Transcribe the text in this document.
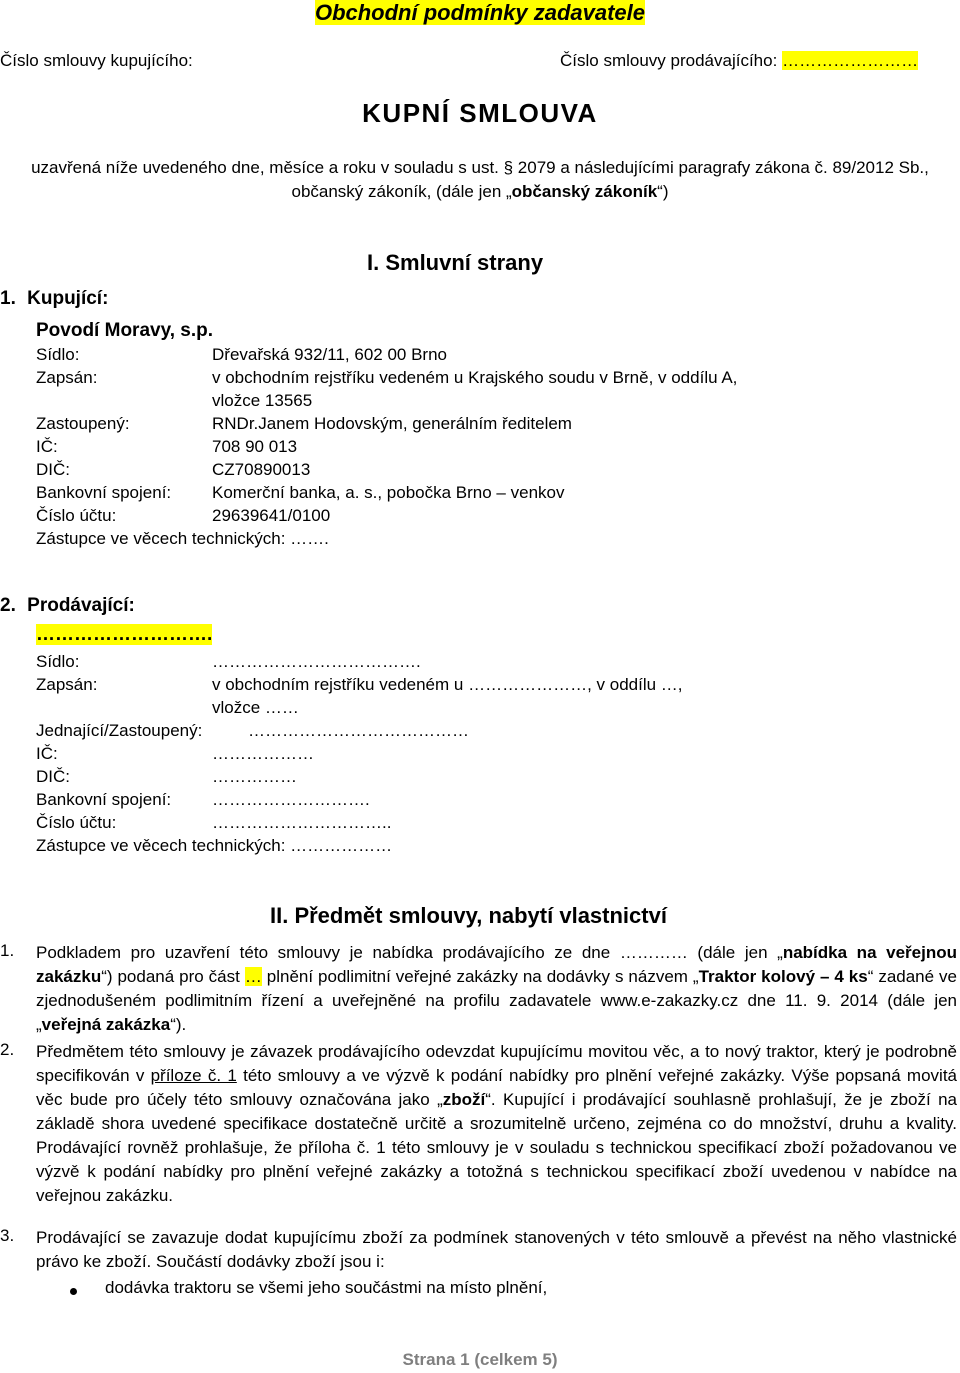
Obchodní podmínky zadavatele
Číslo smlouvy kupujícího:	Číslo smlouvy prodávajícího: ……………………
KUPNÍ SMLOUVA
uzavřená níže uvedeného dne, měsíce a roku v souladu s ust. § 2079 a následujícími paragrafy zákona č. 89/2012 Sb., občanský zákoník, (dále jen „občanský zákoník“)
I. Smluvní strany
1. Kupující:
Povodí Moravy, s.p.
Sídlo:	Dřevařská 932/11, 602 00 Brno
Zapsán:	v obchodním rejstříku vedeném u Krajského soudu v Brně, v oddílu A,
vložce 13565
Zastoupený:	RNDr.Janem Hodovským, generálním ředitelem
IČ:	708 90 013
DIČ:	CZ70890013
Bankovní spojení: Komerční banka, a. s., pobočka Brno – venkov
Číslo účtu:	29639641/0100
Zástupce ve věcech technických: …….
2. Prodávající:
……………………….
Sídlo:	……………………………….
Zapsán:	v obchodním rejstříku vedeném u …………………, v oddílu …,
vložce ……
Jednající/Zastoupený:	…………………………………
IČ:	………………
DIČ:	……………
Bankovní spojení: ……………………….
Číslo účtu:	…………………………..
Zástupce ve věcech technických: ………………
II. Předmět smlouvy, nabytí vlastnictví
1. Podkladem pro uzavření této smlouvy je nabídka prodávajícího ze dne ………… (dále jen „nabídka na veřejnou zakázku“) podaná pro část … plnění podlimitní veřejné zakázky na dodávky s názvem „Traktor kolový – 4 ks“ zadané ve zjednodušeném podlimitním řízení a uveřejněné na profilu zadavatele www.e-zakazky.cz dne 11. 9. 2014 (dále jen „veřejná zakázka“).
2. Předmětem této smlouvy je závazek prodávajícího odevzdat kupujícímu movitou věc, a to nový traktor, který je podrobně specifikován v příloze č. 1 této smlouvy a ve výzvě k podání nabídky pro plnění veřejné zakázky. Výše popsaná movitá věc bude pro účely této smlouvy označována jako „zboží“. Kupující i prodávající souhlasně prohlašují, že je zboží na základě shora uvedené specifikace dostatečně určitě a srozumitelně určeno, zejména co do množství, druhu a kvality. Prodávající rovněž prohlašuje, že příloha č. 1 této smlouvy je v souladu s technickou specifikací zboží požadovanou ve výzvě k podání nabídky pro plnění veřejné zakázky a totožná s technickou specifikací zboží uvedenou v nabídce na veřejnou zakázku.
3. Prodávající se zavazuje dodat kupujícímu zboží za podmínek stanovených v této smlouvě a převést na něho vlastnické právo ke zboží. Součástí dodávky zboží jsou i:
dodávka traktoru se všemi jeho součástmi na místo plnění,
Strana 1 (celkem 5)
